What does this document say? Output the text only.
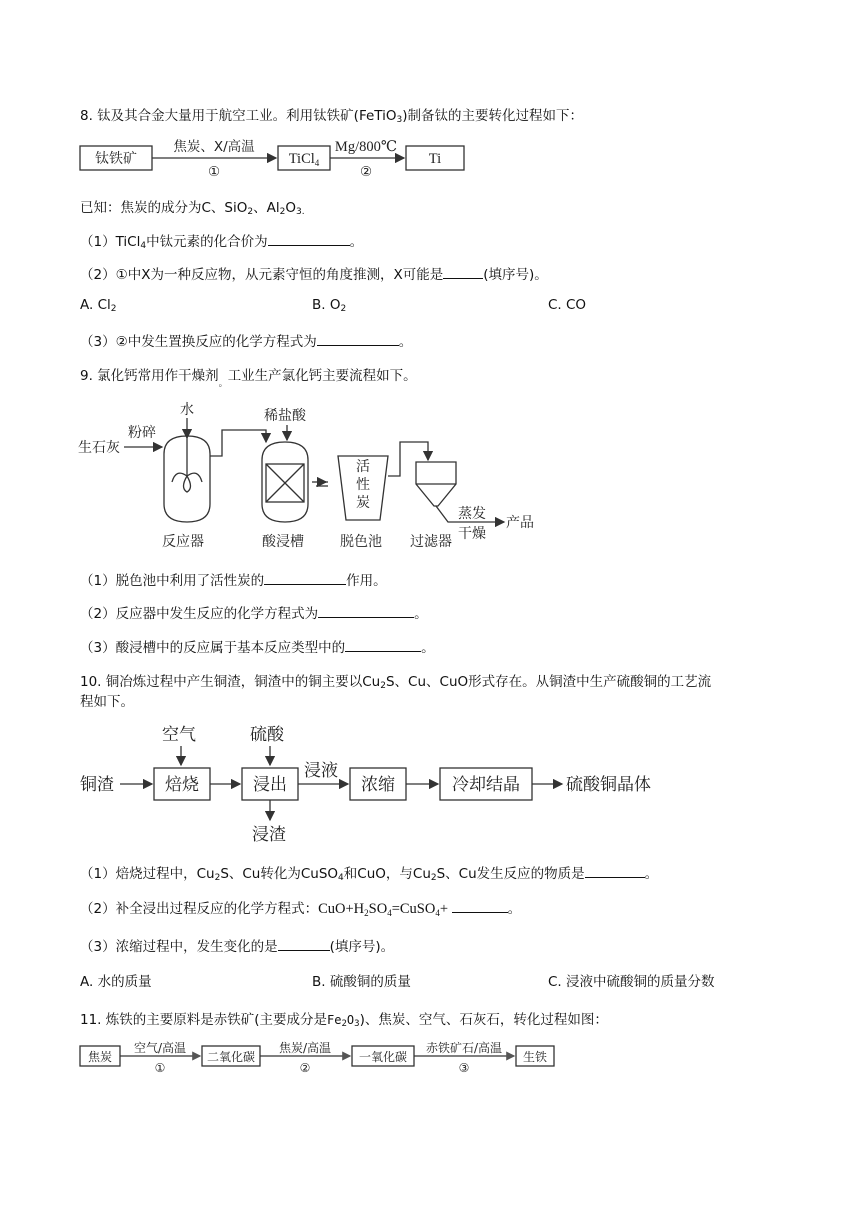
8. 钛及其合金大量用于航空工业。利用钛铁矿(FeTiO$_3$)制备钛的主要转化过程如下：
钛铁矿
焦炭、X/高温
①
TiCl$_4$
Mg/800℃
②
Ti
已知：焦炭的成分为C、SiO$_2$、$Al_2O_{3.}$
（1）TiCl$_4$中钛元素的化合价为	。
（2）①中X为一种反应物，从元素守恒的角度推测，X可能是	(填序号)。
A. $Cl_2$	B. $O_2$	C. CO
（3）②中发生置换反应的化学方程式为	。
9. 氯化钙常用作干燥剂$_。$工业生产氯化钙主要流程如下。
生石灰
粉碎
水
反应器
稀盐酸
酸浸槽
活
性
炭
脱色池 过滤器
蒸发
干燥
产品
（1）脱色池中利用了活性炭的	作用。
（2）反应器中发生反应的化学方程式为	。
（3）酸浸槽中的反应属于基本反应类型中的	。
10. 铜冶炼过程中产生铜渣，铜渣中的铜主要以$Cu_2S$、Cu、CuO形式存在。从铜渣中生产硫酸铜的工艺流
程如下。
空气	硫酸
铜渣	焙烧	浸出
浸渣
浸液
浓缩	冷却结晶	硫酸铜晶体
（1）焙烧过程中，$Cu_2S$、Cu转化为CuSO$_4$和CuO，与$Cu_2S$、Cu发生反应的物质是	。
（2）补全浸出过程反应的化学方程式：$CuO+H_2SO_4=CuSO_4+$	。
（3）浓缩过程中，发生变化的是	(填序号)。
A. 水的质量	B. 硫酸铜的质量	C. 浸液中硫酸铜的质量分数
11. 炼铁的主要原料是赤铁矿(主要成分是$Fe_2O_3$)、焦炭、空气、石灰石，转化过程如图：
焦炭
空气/高温
①
二氧化碳
焦炭/高温
②
一氧化碳
赤铁矿石/高温
③
生铁
